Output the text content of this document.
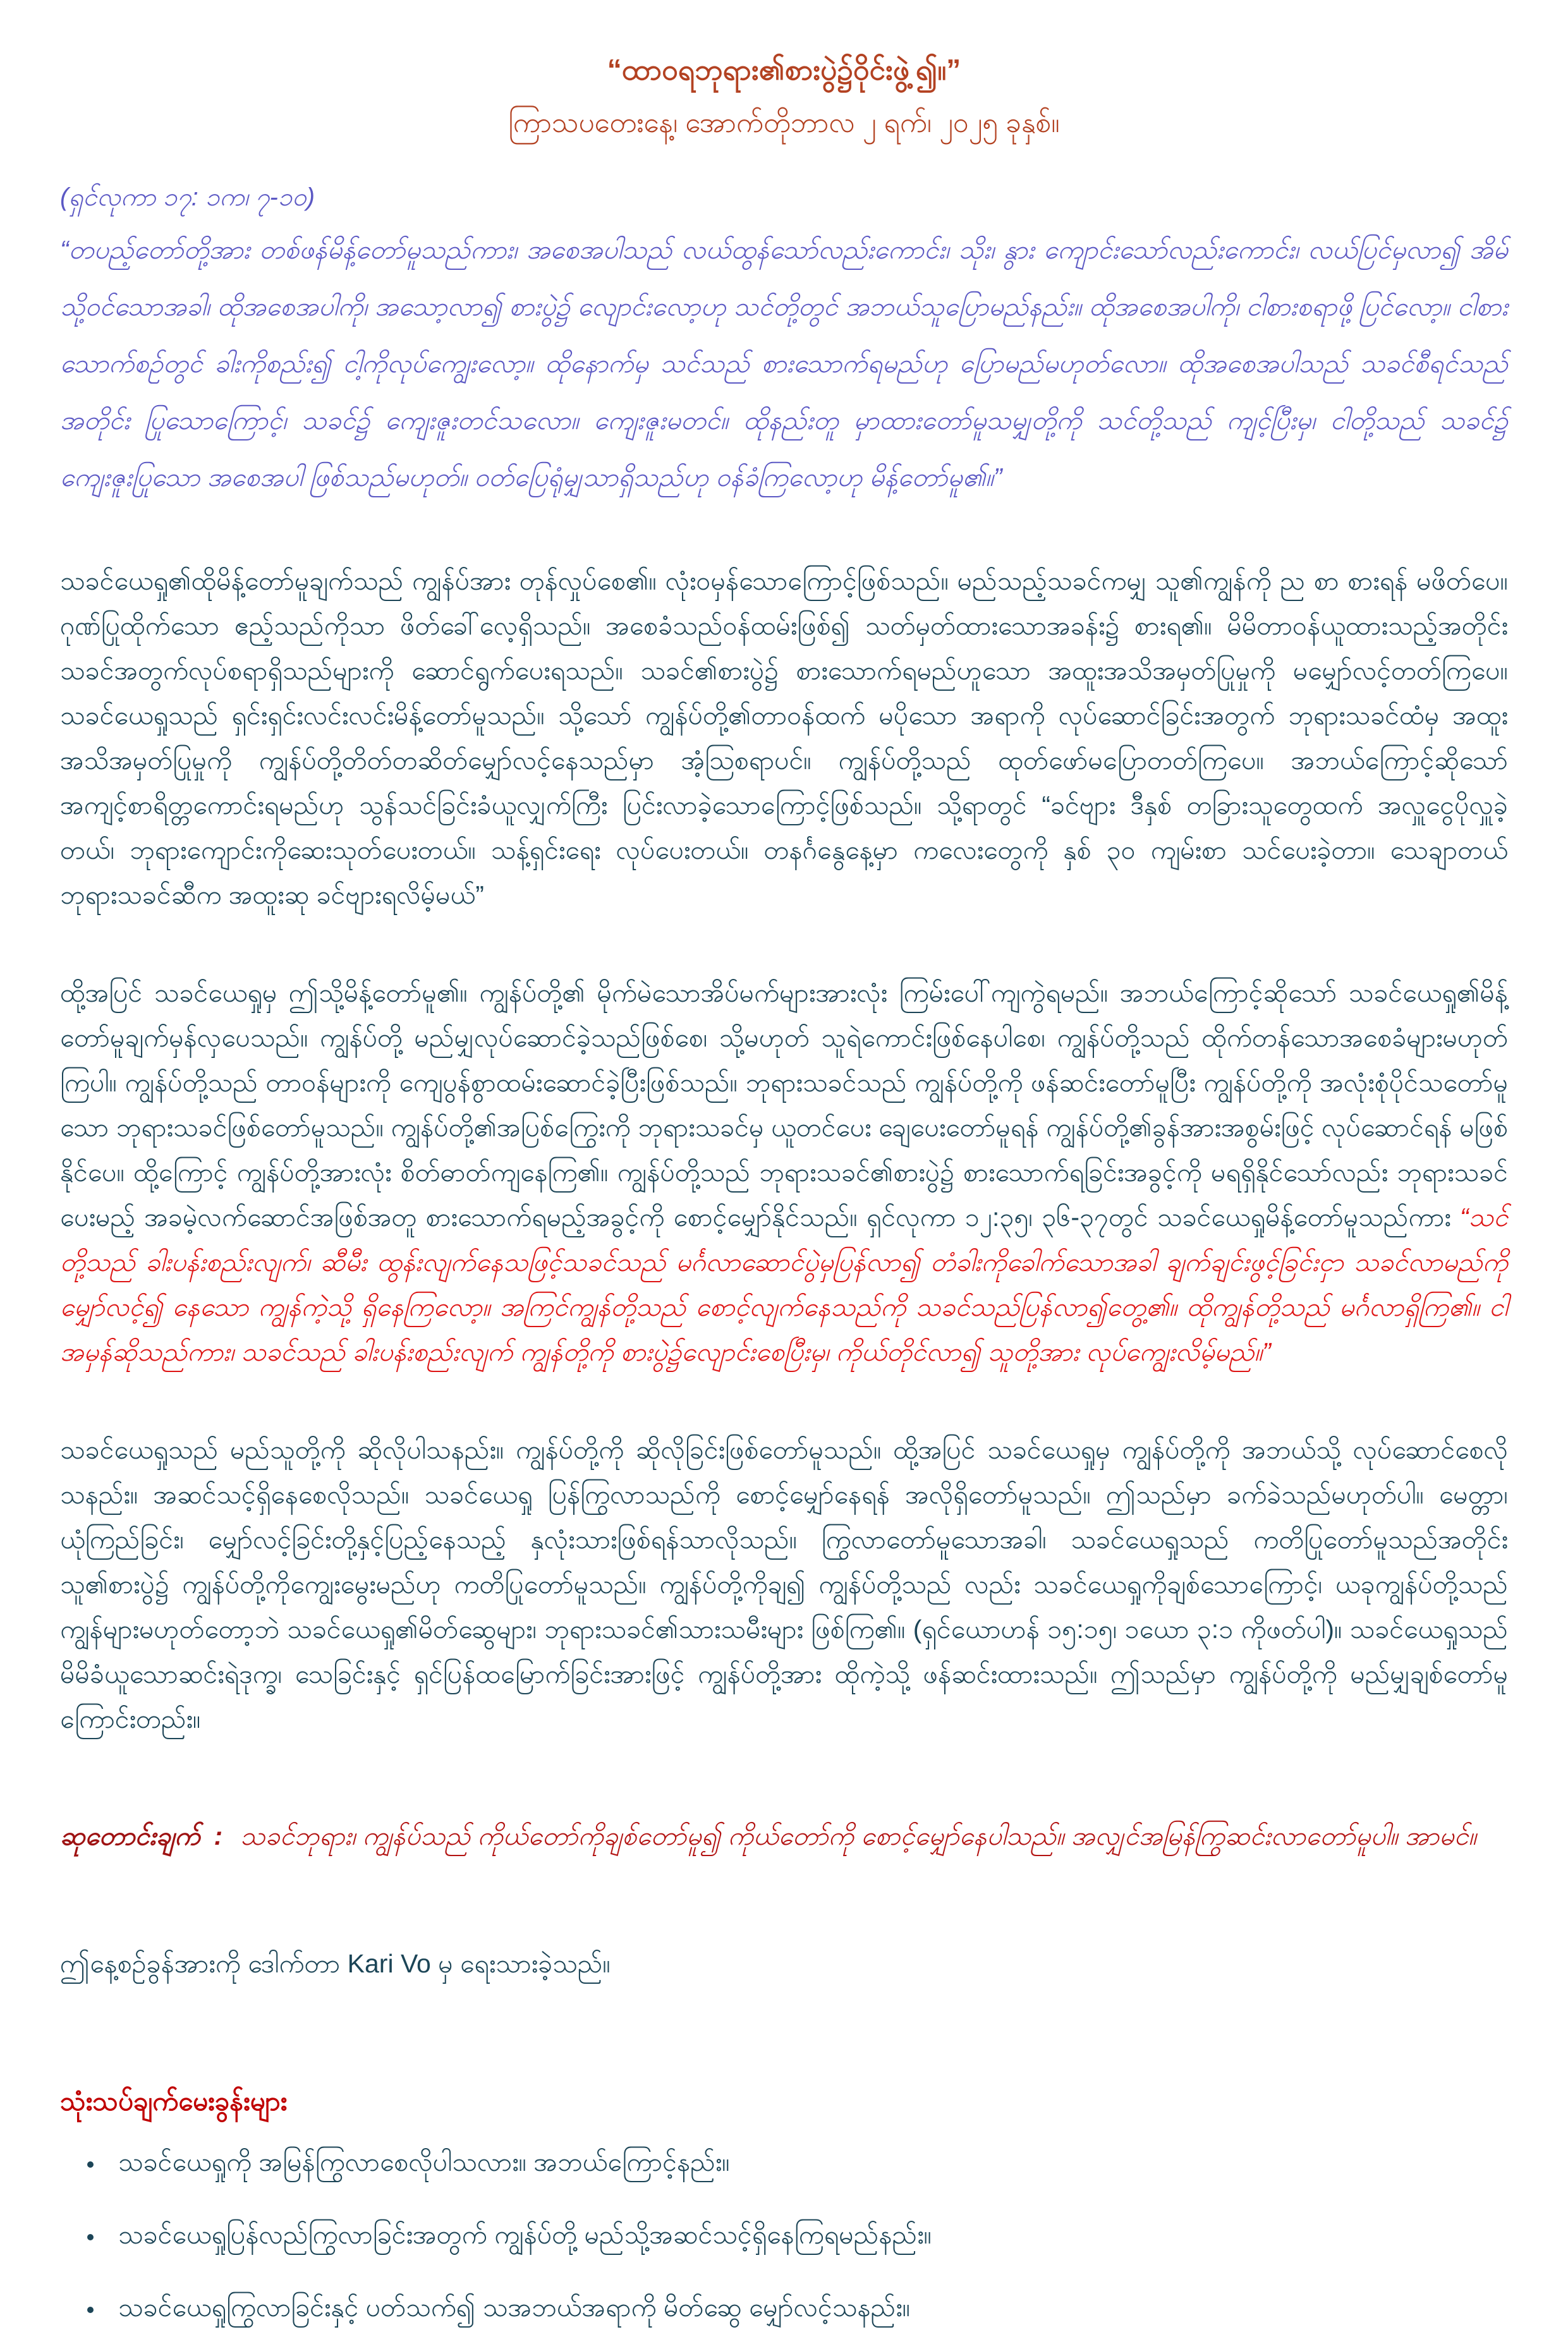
“ထာဝရဘုရား၏စားပွဲ၌ဝိုင်းဖွဲ့၍။”
ကြာသပတေးနေ့၊ အောက်တိုဘာလ ၂ ရက်၊ ၂၀၂၅ ခုနှစ်။
(ရှင်လုကာ ၁၇: ၁က၊ ၇-၁၀)

“တပည့်တော်တို့အား တစ်ဖန်မိန့်တော်မူသည်ကား၊ အစေအပါသည် လယ်ထွန်သော်လည်းကောင်း၊ သိုး၊ နွား ကျောင်းသော်လည်းကောင်း၊ လယ်ပြင်မှလာ၍ အိမ်သို့ဝင်သောအခါ၊ ထိုအစေအပါကို၊ အသော့လာ၍ စားပွဲ၌ လျောင်းလော့ဟု သင်တို့တွင် အဘယ်သူပြောမည်နည်း။ ထိုအစေအပါကို၊ ငါစားစရာဖို့ ပြင်လော့။ ငါစားသောက်စဉ်တွင် ခါးကိုစည်း၍ ငါ့ကိုလုပ်ကျွေးလော့။ ထိုနောက်မှ သင်သည် စားသောက်ရမည်ဟု ပြောမည်မဟုတ်လော။ ထိုအစေအပါသည် သခင်စီရင်သည်အတိုင်း ပြုသောကြောင့်၊ သခင်၌ ကျေးဇူးတင်သလော။ ကျေးဇူးမတင်။ ထိုနည်းတူ မှာထားတော်မူသမျှတို့ကို သင်တို့သည် ကျင့်ပြီးမှ၊ ငါတို့သည် သခင်၌ ကျေးဇူးပြုသော အစေအပါ ဖြစ်သည်မဟုတ်။ ဝတ်ပြေရုံမျှသာရှိသည်ဟု ဝန်ခံကြလော့ဟု မိန့်တော်မူ၏။”

သခင်ယေရှု၏ထိုမိန့်တော်မူချက်သည် ကျွန်ပ်အား တုန်လှုပ်စေ၏။ လုံးဝမှန်သောကြောင့်ဖြစ်သည်။ မည်သည့်သခင်ကမျှ သူ၏ကျွန်ကို ည စာ စားရန် မဖိတ်ပေ။ ဂုဏ်ပြုထိုက်သော ဧည့်သည်ကိုသာ ဖိတ်ခေါ်လေ့ရှိသည်။ အစေခံသည်ဝန်ထမ်းဖြစ်၍ သတ်မှတ်ထားသောအခန်း၌ စားရ၏။ မိမိတာဝန်ယူထားသည့်အတိုင်းသခင်အတွက်လုပ်စရာရှိသည်များကို ဆောင်ရွက်ပေးရသည်။ သခင်၏စားပွဲ၌ စားသောက်ရမည်ဟူသော အထူးအသိအမှတ်ပြုမှုကို မမျှော်လင့်တတ်ကြပေ။ သခင်ယေရှုသည် ရှင်းရှင်းလင်းလင်းမိန့်တော်မူသည်။ သို့သော် ကျွန်ပ်တို့၏တာဝန်ထက် မပိုသော အရာကို လုပ်ဆောင်ခြင်းအတွက် ဘုရားသခင်ထံမှ အထူးအသိအမှတ်ပြုမှုကို ကျွန်ပ်တို့တိတ်တဆိတ်မျှော်လင့်နေသည်မှာ အံ့ဩစရာပင်။ ကျွန်ပ်တို့သည် ထုတ်ဖော်မပြောတတ်ကြပေ။ အဘယ်ကြောင့်ဆိုသော်အကျင့်စာရိတ္တကောင်းရမည်ဟု သွန်သင်ခြင်းခံယူလျှက်ကြီး ပြင်းလာခဲ့သောကြောင့်ဖြစ်သည်။ သို့ရာတွင် “ခင်ဗျား ဒီနှစ် တခြားသူတွေထက် အလှူငွေပိုလှူခဲ့တယ်၊ ဘုရားကျောင်းကိုဆေးသုတ်ပေးတယ်။ သန့်ရှင်းရေး လုပ်ပေးတယ်။ တနင်္ဂနွေနေ့မှာ ကလေးတွေကို နှစ် ၃၀ ကျမ်းစာ သင်ပေးခဲ့တာ။ သေချာတယ် ဘုရားသခင်ဆီက အထူးဆု ခင်ဗျားရလိမ့်မယ်”

ထို့အပြင် သခင်ယေရှုမှ ဤသို့မိန့်တော်မူ၏။ ကျွန်ပ်တို့၏ မိုက်မဲသောအိပ်မက်များအားလုံး ကြမ်းပေါ်ကျကွဲရမည်။ အဘယ်ကြောင့်ဆိုသော် သခင်ယေရှု၏မိန့်တော်မူချက်မှန်လှပေသည်။ ကျွန်ပ်တို့ မည်မျှလုပ်ဆောင်ခဲ့သည်ဖြစ်စေ၊ သို့မဟုတ် သူရဲကောင်းဖြစ်နေပါစေ၊ ကျွန်ပ်တို့သည် ထိုက်တန်သောအစေခံများမဟုတ်ကြပါ။ ကျွန်ပ်တို့သည် တာဝန်များကို ကျေပွန်စွာထမ်းဆောင်ခဲ့ပြီးဖြစ်သည်။ ဘုရားသခင်သည် ကျွန်ပ်တို့ကို ဖန်ဆင်းတော်မူပြီး ကျွန်ပ်တို့ကို အလုံးစုံပိုင်သတော်မူသော ဘုရားသခင်ဖြစ်တော်မူသည်။ ကျွန်ပ်တို့၏အပြစ်ကြွေးကို ဘုရားသခင်မှ ယူတင်ပေး ချေပေးတော်မူရန် ကျွန်ပ်တို့၏ခွန်အားအစွမ်းဖြင့် လုပ်ဆောင်ရန် မဖြစ်နိုင်ပေ။ ထို့ကြောင့် ကျွန်ပ်တို့အားလုံး စိတ်ဓာတ်ကျနေကြ၏။ ကျွန်ပ်တို့သည် ဘုရားသခင်၏စားပွဲ၌ စားသောက်ရခြင်းအခွင့်ကို မရရှိနိုင်သော်လည်း ဘုရားသခင်ပေးမည့် အခမဲ့လက်ဆောင်အဖြစ်အတူ စားသောက်ရမည့်အခွင့်ကို စောင့်မျှော်နိုင်သည်။ ရှင်လုကာ ၁၂:၃၅၊ ၃၆-၃၇တွင် သခင်ယေရှုမိန့်တော်မူသည်ကား “သင်တို့သည် ခါးပန်းစည်းလျက်၊ ဆီမီး ထွန်းလျက်နေသဖြင့်သခင်သည် မင်္ဂလာဆောင်ပွဲမှပြန်လာ၍ တံခါးကိုခေါက်သောအခါ ချက်ချင်းဖွင့်ခြင်းငှာ သခင်လာမည်ကိုမျှော်လင့်၍ နေသော ကျွန်ကဲ့သို့ ရှိနေကြလော့။ အကြင်ကျွန်တို့သည် စောင့်လျက်နေသည်ကို သခင်သည်ပြန်လာ၍တွေ့၏။ ထိုကျွန်တို့သည် မင်္ဂလာရှိကြ၏။ ငါအမှန်ဆိုသည်ကား၊ သခင်သည် ခါးပန်းစည်းလျက် ကျွန်တို့ကို စားပွဲ၌လျောင်းစေပြီးမှ၊ ကိုယ်တိုင်လာ၍ သူတို့အား လုပ်ကျွေးလိမ့်မည်။”

သခင်ယေရှုသည် မည်သူတို့ကို ဆိုလိုပါသနည်း။ ကျွန်ပ်တို့ကို ဆိုလိုခြင်းဖြစ်တော်မူသည်။ ထို့အပြင် သခင်ယေရှုမှ ကျွန်ပ်တို့ကို အဘယ်သို့ လုပ်ဆောင်စေလိုသနည်း။ အဆင်သင့်ရှိနေစေလိုသည်။ သခင်ယေရှု ပြန်ကြွလာသည်ကို စောင့်မျှော်နေရန် အလိုရှိတော်မူသည်။ ဤသည်မှာ ခက်ခဲသည်မဟုတ်ပါ။ မေတ္တာ၊ ယုံကြည်ခြင်း၊ မျှော်လင့်ခြင်းတို့နှင့်ပြည့်နေသည့် နှလုံးသားဖြစ်ရန်သာလိုသည်။ ကြွလာတော်မူသောအခါ၊ သခင်ယေရှုသည် ကတိပြုတော်မူသည်အတိုင်း သူ၏စားပွဲ၌ ကျွန်ပ်တို့ကိုကျွေးမွေးမည်ဟု ကတိပြုတော်မူသည်။ ကျွန်ပ်တို့ကိုချ၍ ကျွန်ပ်တို့သည် လည်း သခင်ယေရှုကိုချစ်သောကြောင့်၊ ယခုကျွန်ပ်တို့သည် ကျွန်များမဟုတ်တော့ဘဲ သခင်ယေရှု၏မိတ်ဆွေများ၊ ဘုရားသခင်၏သားသမီးများ ဖြစ်ကြ၏။ (ရှင်ယောဟန် ၁၅:၁၅၊ ၁ယော ၃:၁ ကိုဖတ်ပါ)။ သခင်ယေရှုသည် မိမိခံယူသောဆင်းရဲဒုက္ခ၊ သေခြင်းနှင့် ရှင်ပြန်ထမြောက်ခြင်းအားဖြင့် ကျွန်ပ်တို့အား ထိုကဲ့သို့ ဖန်ဆင်းထားသည်။ ဤသည်မှာ ကျွန်ပ်တို့ကို မည်မျှချစ်တော်မူကြောင်းတည်း။

ဆုတောင်းချက် : သခင်ဘုရား၊ ကျွန်ပ်သည် ကိုယ်တော်ကိုချစ်တော်မူ၍ ကိုယ်တော်ကို စောင့်မျှော်နေပါသည်။ အလျှင်အမြန်ကြွဆင်းလာတော်မူပါ။ အာမင်။

ဤနေ့စဉ်ခွန်အားကို ဒေါက်တာ Kari Vo မှ ရေးသားခဲ့သည်။

သုံးသပ်ချက်မေးခွန်းများ
• သခင်ယေရှုကို အမြန်ကြွလာစေလိုပါသလား။ အဘယ်ကြောင့်နည်း။
• သခင်ယေရှုပြန်လည်ကြွလာခြင်းအတွက် ကျွန်ပ်တို့ မည်သို့အဆင်သင့်ရှိနေကြရမည်နည်း။
• သခင်ယေရှုကြွလာခြင်းနှင့် ပတ်သက်၍ သအဘယ်အရာကို မိတ်ဆွေ မျှော်လင့်သနည်း။
